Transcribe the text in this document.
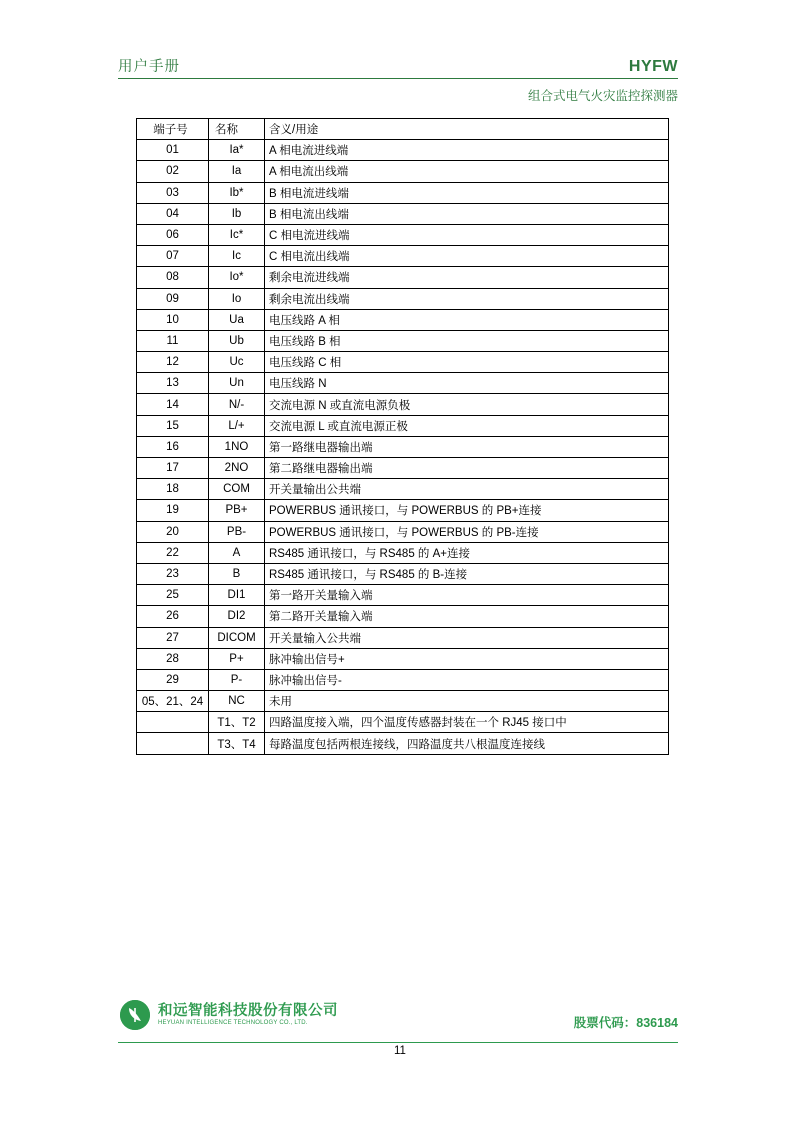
用户手册	HYFW
组合式电气火灾监控探测器
端子号	名称	含义/用途
01	Ia*	A 相电流进线端
02	Ia	A 相电流出线端
03	Ib*	B 相电流进线端
04	Ib	B 相电流出线端
06	Ic*	C 相电流进线端
07	Ic	C 相电流出线端
08	Io*	剩余电流进线端
09	Io	剩余电流出线端
10	Ua	电压线路 A 相
11	Ub	电压线路 B 相
12	Uc	电压线路 C 相
13	Un	电压线路 N
14	N/-	交流电源 N 或直流电源负极
15	L/+	交流电源 L 或直流电源正极
16	1NO	第一路继电器输出端
17	2NO	第二路继电器输出端
18	COM	开关量输出公共端
19	PB+	POWERBUS 通讯接口，与 POWERBUS 的 PB+连接
20	PB-	POWERBUS 通讯接口，与 POWERBUS 的 PB-连接
22	A	RS485 通讯接口，与 RS485 的 A+连接
23	B	RS485 通讯接口，与 RS485 的 B-连接
25	DI1	第一路开关量输入端
26	DI2	第二路开关量输入端
27	DICOM	开关量输入公共端
28	P+	脉冲输出信号+
29	P-	脉冲输出信号-
05、21、24	NC	未用
	T1、T2	四路温度接入端，四个温度传感器封装在一个 RJ45 接口中
	T3、T4	每路温度包括两根连接线，四路温度共八根温度连接线
和远智能科技股份有限公司
HEYUAN INTELLIGENCE TECHNOLOGY CO., LTD.	股票代码：836184
11
